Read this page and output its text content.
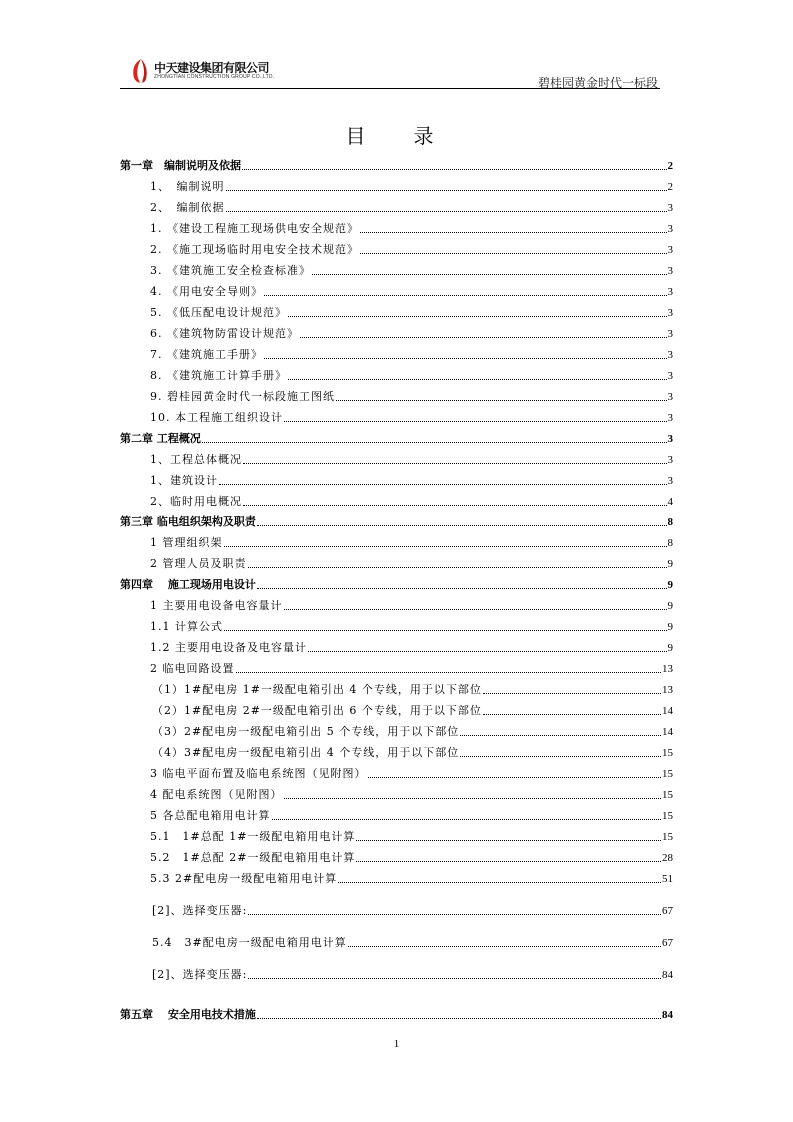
中天建设集团有限公司
ZHONGTIAN CONSTRUCTION GROUP CO.,LTD.	碧桂园黄金时代一标段
目　录
第一章　编制说明及依据	2
1、　编制说明	2
2、　编制依据	3
1. 《建设工程施工现场供电安全规范》	3
2. 《施工现场临时用电安全技术规范》	3
3. 《建筑施工安全检查标准》	3
4. 《用电安全导则》	3
5. 《低压配电设计规范》	3
6. 《建筑物防雷设计规范》	3
7. 《建筑施工手册》	3
8. 《建筑施工计算手册》	3
9. 碧桂园黄金时代一标段施工图纸	3
10. 本工程施工组织设计	3
第二章 工程概况	3
1、工程总体概况	3
1、建筑设计	3
2、临时用电概况	4
第三章 临电组织架构及职责	8
1 管理组织架	8
2 管理人员及职责	9
第四章　 施工现场用电设计	9
1 主要用电设备电容量计	9
1.1 计算公式	9
1.2 主要用电设备及电容量计	9
2 临电回路设置	13
（1）1#配电房 1#一级配电箱引出 4 个专线，用于以下部位	13
（2）1#配电房 2#一级配电箱引出 6 个专线，用于以下部位	14
（3）2#配电房一级配电箱引出 5 个专线，用于以下部位	14
（4）3#配电房一级配电箱引出 4 个专线，用于以下部位	15
3 临电平面布置及临电系统图（见附图）	15
4 配电系统图（见附图）	15
5 各总配电箱用电计算	15
5.1　1#总配 1#一级配电箱用电计算	15
5.2　1#总配 2#一级配电箱用电计算	28
5.3 2#配电房一级配电箱用电计算	51
[2]、选择变压器:	67
5.4　3#配电房一级配电箱用电计算	67
[2]、选择变压器:	84
第五章　 安全用电技术措施	84
1
